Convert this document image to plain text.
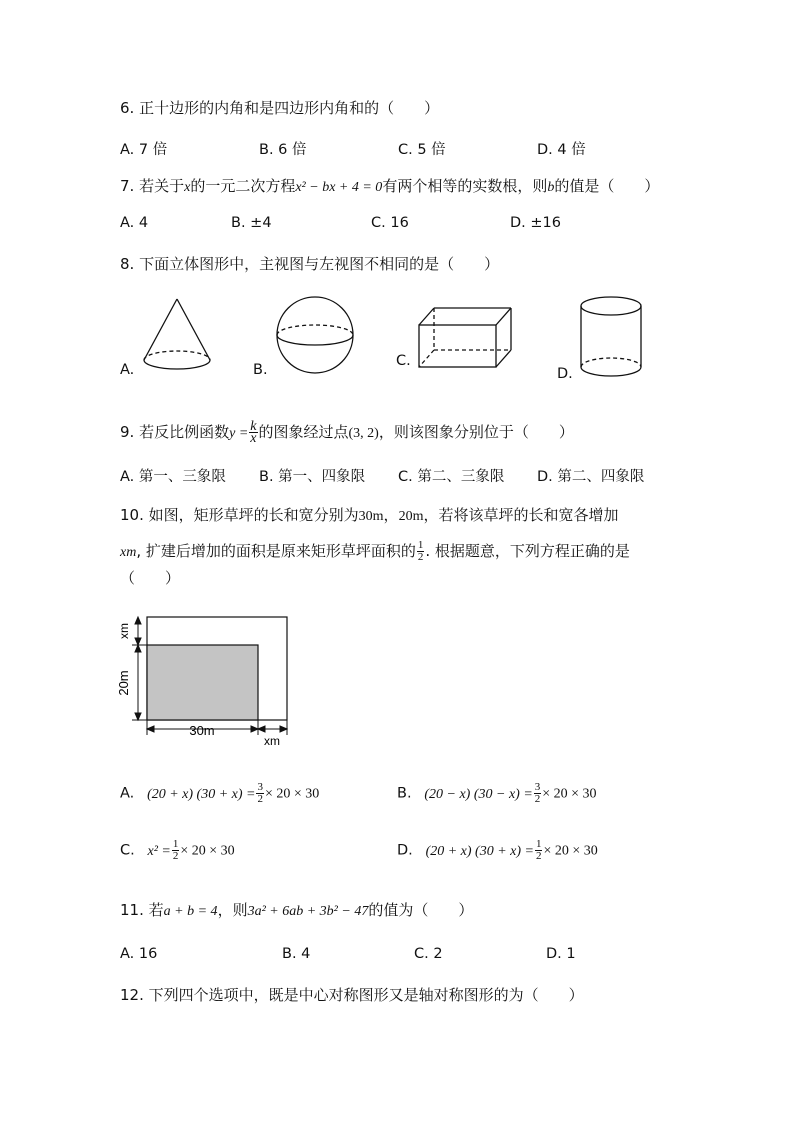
6. 正十边形的内角和是四边形内角和的（　　）
A. 7 倍	B. 6 倍	C. 5 倍	D. 4 倍
7. 若关于x的一元二次方程x² − bx + 4 = 0有两个相等的实数根，则b的值是（　　）
A. 4	B. ±4	C. 16	D. ±16
8. 下面立体图形中，主视图与左视图不相同的是（　　）
A.	B.
C.
D.
9. 若反比例函数$y = \frac{k}{x}$ 的图象经过点(3, 2)，则该图象分别位于（　　）
A. 第一、三象限 B. 第一、四象限 C. 第二、三象限 D. 第二、四象限
10. 如图，矩形草坪的长和宽分别为30m，20m，若将该草坪的长和宽各增加
xm, 扩建后增加的面积是原来矩形草坪面积的 $\frac{1}{2}$ . 根据题意，下列方程正确的是
（　　）
xm
20m
30m
xm
A. (20 + x) $(30 + x) = \frac{3}{2} \times 20 \times 30$	B. (20 − x) $(30 - x) = \frac{3}{2} \times 20 \times 30$
C. $x^2 = \frac{1}{2} \times 20 \times 30$	D. (20 + x) $(30 + x) = \frac{1}{2} \times 20 \times 30$
11. 若a + b = 4，则3a² + 6ab + 3b² − 47的值为（　　）
A. 16	B. 4	C. 2	D. 1
12. 下列四个选项中，既是中心对称图形又是轴对称图形的为（　　）
